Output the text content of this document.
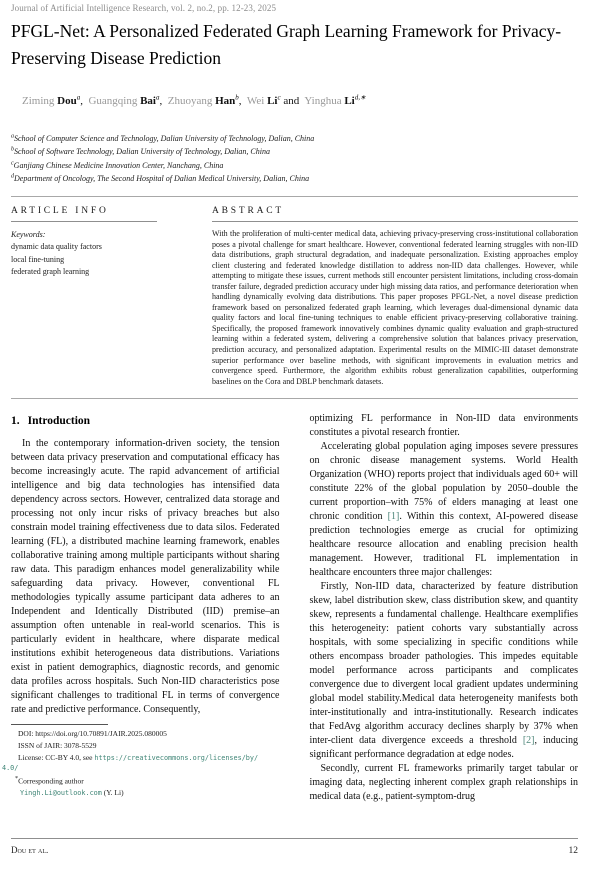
Journal of Artificial Intelligence Research, vol. 2, no.2, pp. 12-23, 2025
PFGL-Net: A Personalized Federated Graph Learning Framework for Privacy-Preserving Disease Prediction

Ziming Dou$^a$,  Guangqing Bai$^a$,  Zhuoyang Han$^b$,  Wei Li$^c$ and  Yinghua $Li^{d,∗}$

$^a$School of Computer Science and Technology, Dalian University of Technology, Dalian, China
$^b$School of Software Technology, Dalian University of Technology, Dalian, China
$^c$Ganjiang Chinese Medicine Innovation Center, Nanchang, China
$^d$Department of Oncology, The Second Hospital of Dalian Medical University, Dalian, China
ARTICLE INFO
Keywords:
dynamic data quality factors
local fine-tuning
federated graph learning
ABSTRACT
With the proliferation of multi-center medical data, achieving privacy-preserving cross-institutional collaboration poses a pivotal challenge for smart healthcare. However, conventional federated learning struggles with non-IID data distributions, graph structural degradation, and inadequate personalization. Existing approaches employ client clustering and federated knowledge distillation to address non-IID data challenges. However, while attempting to mitigate these issues, current methods still encounter persistent limitations, including cross-domain transfer failure, degraded prediction accuracy under high missing data ratios, and performance deterioration when handling dynamically evolving data distributions. This paper proposes PFGL-Net, a novel disease prediction framework based on personalized federated graph learning, which leverages dual-dimensional dynamic data quality factors and local fine-tuning techniques to enable efficient privacy-preserving collaborative training. Specifically, the proposed framework innovatively combines dynamic quality evaluation and graph-structured learning within a federated system, delivering a comprehensive solution that balances privacy preservation, prediction accuracy, and personalized adaptation. Experimental results on the MIMIC-III dataset demonstrate superior performance over baseline methods, with significant improvements in evaluation metrics and convergence speed. Furthermore, the algorithm exhibits robust generalization capabilities, outperforming baselines on the Cora and DBLP benchmark datasets.
1. Introduction

In the contemporary information-driven society, the tension between data privacy preservation and computational efficacy has become increasingly acute. The rapid advancement of artificial intelligence and big data technologies has intensified data dependency across sectors. However, centralized data storage and processing not only incur risks of privacy breaches but also constrain model training effectiveness due to data silos. Federated learning (FL), a distributed machine learning framework, enables collaborative training among multiple participants without sharing raw data. This paradigm enhances model generalizability while safeguarding data privacy. However, conventional FL methodologies typically assume participant data adheres to an Independent and Identically Distributed (IID) premise–an assumption often untenable in real-world scenarios. This is particularly evident in healthcare, where disparate medical institutions exhibit heterogeneous data distributions. Variations exist in patient demographics, diagnostic records, and genomic data profiles across hospitals. Such Non-IID characteristics pose significant challenges to traditional FL in terms of convergence rate and predictive performance. Consequently,

DOI: https://doi.org/10.70891/JAIR.2025.080005
ISSN of JAIR: 3078-5529
License: CC-BY 4.0, see https://creativecommons.org/licenses/by/
4.0/
*Corresponding author
Yingh.Li@outlook.com (Y. Li)

optimizing FL performance in Non-IID data environments constitutes a pivotal research frontier.

Accelerating global population aging imposes severe pressures on chronic disease management systems. World Health Organization (WHO) reports project that individuals aged 60+ will constitute 22% of the global population by 2050–double the current proportion–with 75% of elders managing at least one chronic condition [1]. Within this context, AI-powered disease prediction technologies emerge as crucial for optimizing healthcare resource allocation and enabling precision health management. However, traditional FL implementation in healthcare encounters three major challenges:

Firstly, Non-IID data, characterized by feature distribution skew, label distribution skew, class distribution skew, and quantity skew, represents a fundamental challenge. Healthcare exemplifies this heterogeneity: patient cohorts vary substantially across hospitals, with some specializing in specific conditions while others encompass broader pathologies. This impedes equitable model performance across participants and complicates convergence due to divergent local gradient updates undermining global model stability.Medical data heterogeneity manifests both inter-institutionally and intra-institutionally. Research indicates that FedAvg algorithm accuracy declines sharply by 37% when inter-client data divergence exceeds a threshold [2], inducing significant performance degradation at edge nodes.

Secondly, current FL frameworks primarily target tabular or imaging data, neglecting inherent complex graph relationships in medical data (e.g., patient-symptom-drug

Dou et al.	12
